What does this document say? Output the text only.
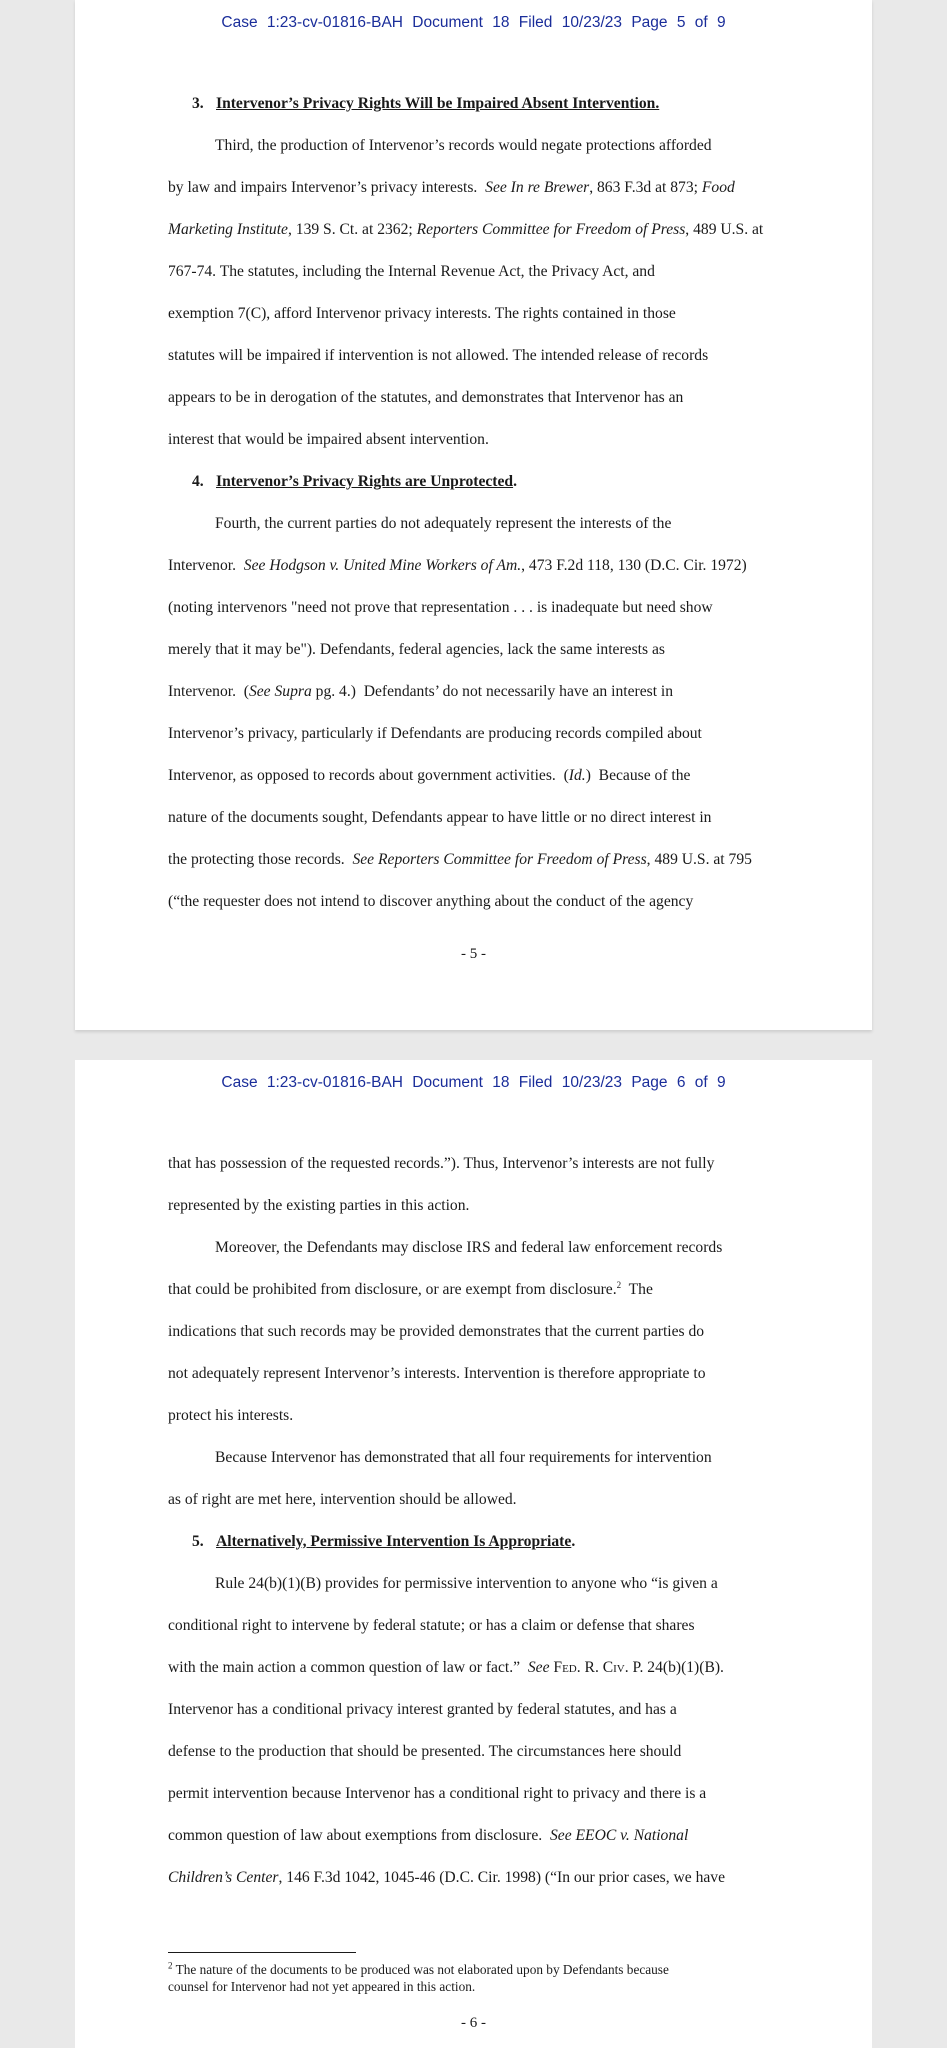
Case 1:23-cv-01816-BAH Document 18 Filed 10/23/23 Page 5 of 9
3. Intervenor’s Privacy Rights Will be Impaired Absent Intervention.
Third, the production of Intervenor’s records would negate protections afforded
by law and impairs Intervenor’s privacy interests.  See In re Brewer, 863 F.3d at 873; Food
Marketing Institute, 139 S. Ct. at 2362; Reporters Committee for Freedom of Press, 489 U.S. at
767-74. The statutes, including the Internal Revenue Act, the Privacy Act, and
exemption 7(C), afford Intervenor privacy interests. The rights contained in those
statutes will be impaired if intervention is not allowed. The intended release of records
appears to be in derogation of the statutes, and demonstrates that Intervenor has an
interest that would be impaired absent intervention.
4. Intervenor’s Privacy Rights are Unprotected.
Fourth, the current parties do not adequately represent the interests of the
Intervenor.  See Hodgson v. United Mine Workers of Am., 473 F.2d 118, 130 (D.C. Cir. 1972)
(noting intervenors "need not prove that representation . . . is inadequate but need show
merely that it may be"). Defendants, federal agencies, lack the same interests as
Intervenor.  (See Supra pg. 4.)  Defendants’ do not necessarily have an interest in
Intervenor’s privacy, particularly if Defendants are producing records compiled about
Intervenor, as opposed to records about government activities.  (Id.)  Because of the
nature of the documents sought, Defendants appear to have little or no direct interest in
the protecting those records.  See Reporters Committee for Freedom of Press, 489 U.S. at 795
(“the requester does not intend to discover anything about the conduct of the agency
- 5 -
Case 1:23-cv-01816-BAH Document 18 Filed 10/23/23 Page 6 of 9
that has possession of the requested records.”). Thus, Intervenor’s interests are not fully
represented by the existing parties in this action.
Moreover, the Defendants may disclose IRS and federal law enforcement records
that could be prohibited from disclosure, or are exempt from disclosure.$^2$  The
indications that such records may be provided demonstrates that the current parties do
not adequately represent Intervenor’s interests. Intervention is therefore appropriate to
protect his interests.
Because Intervenor has demonstrated that all four requirements for intervention
as of right are met here, intervention should be allowed.
5. Alternatively, Permissive Intervention Is Appropriate.
Rule 24(b)(1)(B) provides for permissive intervention to anyone who “is given a
conditional right to intervene by federal statute; or has a claim or defense that shares
with the main action a common question of law or fact.”  See Fed. R. Civ. P. 24(b)(1)(B).
Intervenor has a conditional privacy interest granted by federal statutes, and has a
defense to the production that should be presented. The circumstances here should
permit intervention because Intervenor has a conditional right to privacy and there is a
common question of law about exemptions from disclosure.  See EEOC v. National
Children’s Center, 146 F.3d 1042, 1045-46 (D.C. Cir. 1998) (“In our prior cases, we have
$^2$ The nature of the documents to be produced was not elaborated upon by Defendants because
counsel for Intervenor had not yet appeared in this action.
- 6 -
